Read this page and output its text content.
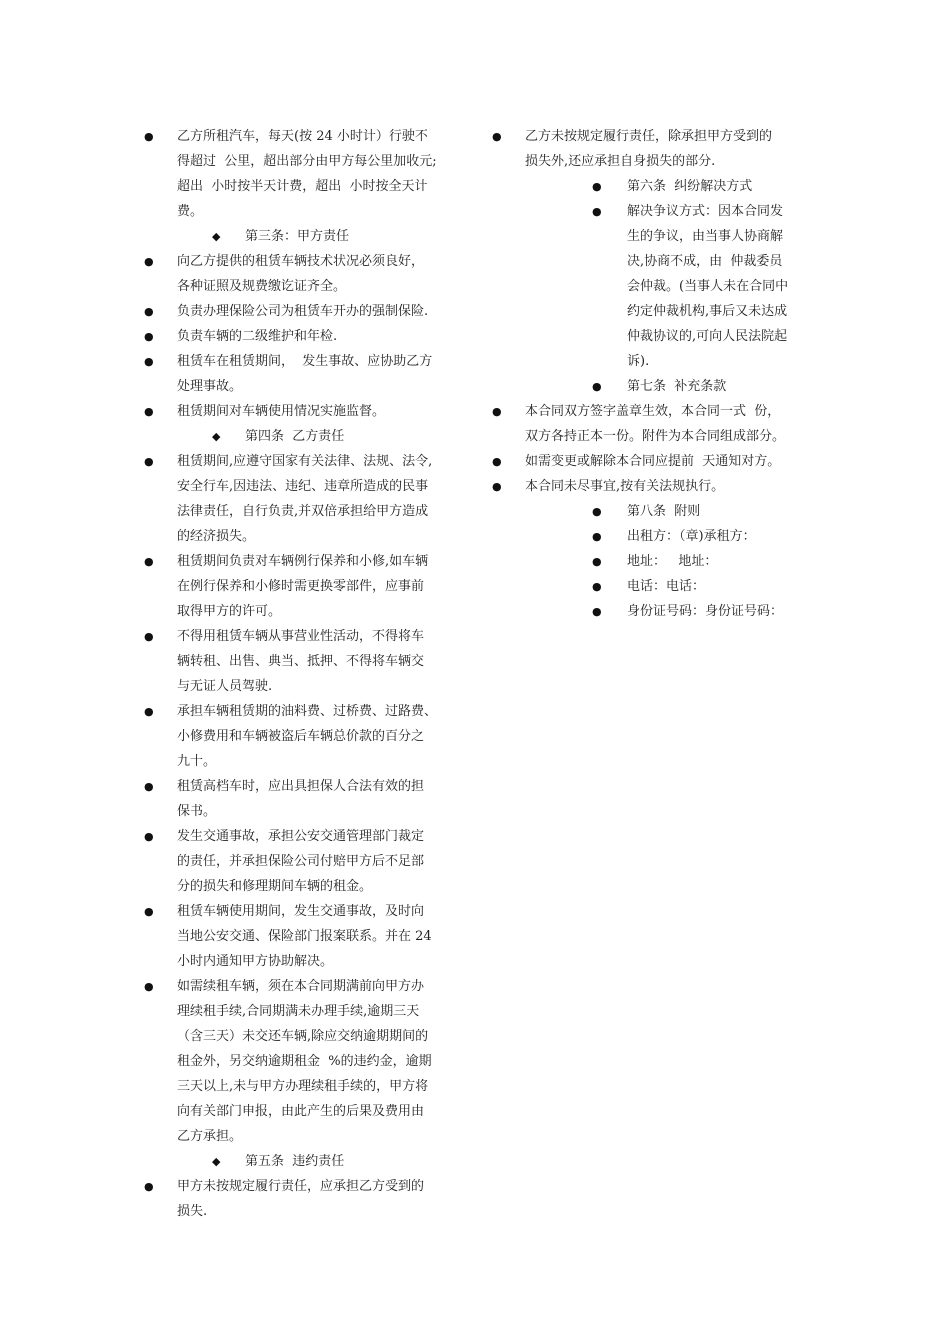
● 乙方所租汽车，每天(按 24 小时计）行驶不
得超过  公里，超出部分由甲方每公里加收元;
超出  小时按半天计费，超出  小时按全天计
费。
◆ 第三条：甲方责任
● 向乙方提供的租赁车辆技术状况必须良好，
各种证照及规费缴讫证齐全。
● 负责办理保险公司为租赁车开办的强制保险.
● 负责车辆的二级维护和年检.
● 租赁车在租赁期间，  发生事故、应协助乙方
处理事故。
● 租赁期间对车辆使用情况实施监督。
◆ 第四条  乙方责任
● 租赁期间,应遵守国家有关法律、法规、法令,
安全行车,因违法、违纪、违章所造成的民事
法律责任，自行负责,并双倍承担给甲方造成
的经济损失。
● 租赁期间负责对车辆例行保养和小修,如车辆
在例行保养和小修时需更换零部件，应事前
取得甲方的许可。
● 不得用租赁车辆从事营业性活动，不得将车
辆转租、出售、典当、抵押、不得将车辆交
与无证人员驾驶.
● 承担车辆租赁期的油料费、过桥费、过路费、
小修费用和车辆被盗后车辆总价款的百分之
九十。
● 租赁高档车时，应出具担保人合法有效的担
保书。
● 发生交通事故，承担公安交通管理部门裁定
的责任，并承担保险公司付赔甲方后不足部
分的损失和修理期间车辆的租金。
● 租赁车辆使用期间，发生交通事故，及时向
当地公安交通、保险部门报案联系。并在 24
小时内通知甲方协助解决。
● 如需续租车辆，须在本合同期满前向甲方办
理续租手续,合同期满未办理手续,逾期三天
（含三天）未交还车辆,除应交纳逾期期间的
租金外，另交纳逾期租金  %的违约金，逾期
三天以上,未与甲方办理续租手续的，甲方将
向有关部门申报，由此产生的后果及费用由
乙方承担。
◆ 第五条  违约责任
● 甲方未按规定履行责任，应承担乙方受到的
损失.
● 乙方未按规定履行责任，除承担甲方受到的
损失外,还应承担自身损失的部分.
● 第六条  纠纷解决方式
● 解决争议方式：因本合同发
生的争议，由当事人协商解
决,协商不成，由  仲裁委员
会仲裁。(当事人未在合同中
约定仲裁机构,事后又未达成
仲裁协议的,可向人民法院起
诉).
● 第七条  补充条款
● 本合同双方签字盖章生效，本合同一式  份，
双方各持正本一份。附件为本合同组成部分。
● 如需变更或解除本合同应提前  天通知对方。
● 本合同未尽事宜,按有关法规执行。
● 第八条  附则
● 出租方：（章)承租方：
● 地址：   地址：
● 电话：电话：
● 身份证号码：身份证号码：
